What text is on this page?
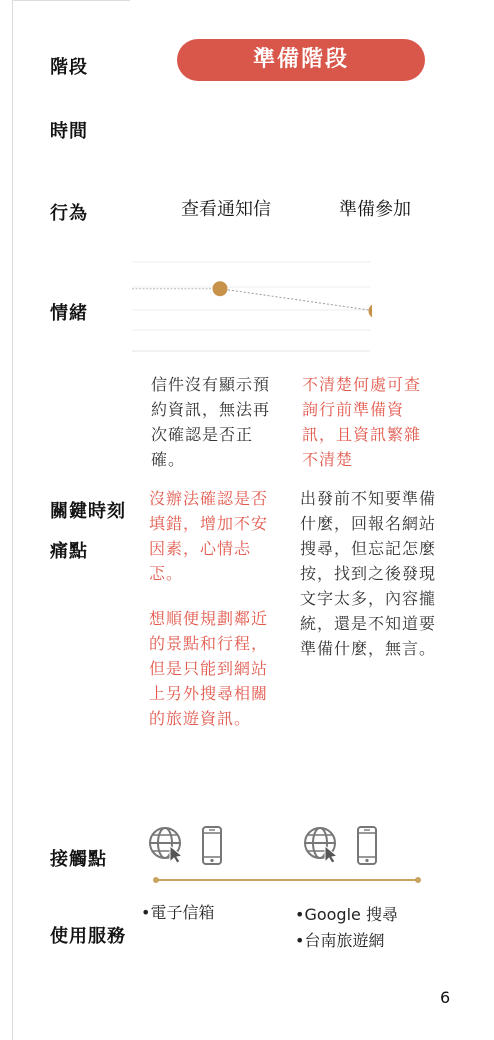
階段
時間
行為
情緒
關鍵時刻
痛點
接觸點
使用服務
準備階段
查看通知信	準備參加
不清楚何處可查詢行前準備資訊，且資訊繁雜不清楚
信件沒有顯示預約資訊，無法再次確認是否正確。
沒辦法確認是否填錯，增加不安因素，心情忐忑。
想順便規劃鄰近的景點和行程，但是只能到網站上另外搜尋相關的旅遊資訊。
出發前不知要準備什麼，回報名網站搜尋，但忘記怎麼按，找到之後發現文字太多，內容攏統，還是不知道要準備什麼，無言。
•電子信箱	•Google 搜尋
•台南旅遊網
6
